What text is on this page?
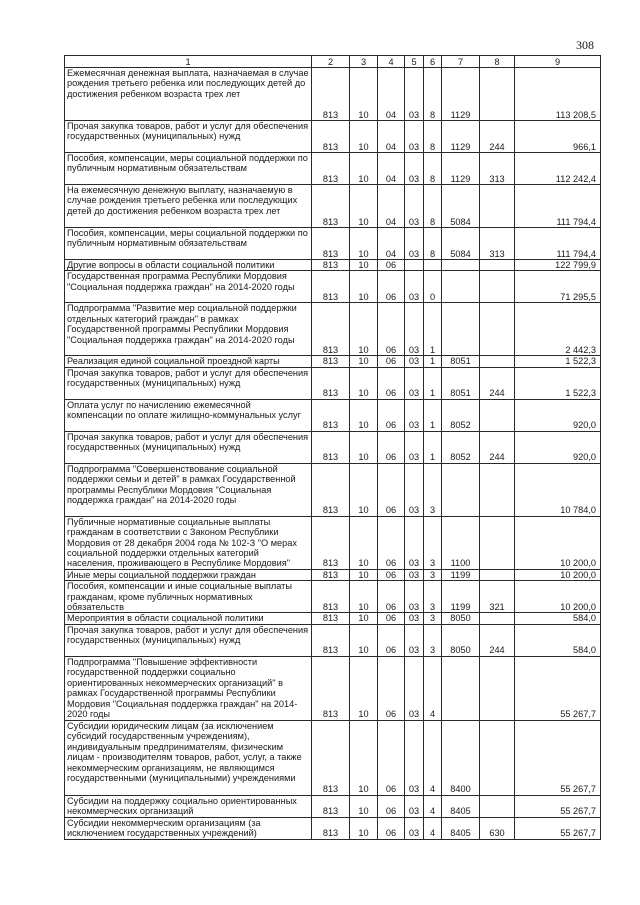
308
1	2	3	4	5	6	7	8	9
Ежемесячная денежная выплата, назначаемая в случае рождения третьего ребенка или последующих детей до достижения ребенком возраста трех лет	813	10	04	03	8	1129		113 208,5
Прочая закупка товаров, работ и услуг для обеспечения государственных (муниципальных) нужд	813	10	04	03	8	1129	244	966,1
Пособия, компенсации, меры социальной поддержки по публичным нормативным обязательствам	813	10	04	03	8	1129	313	112 242,4
На ежемесячную денежную выплату, назначаемую в случае рождения третьего ребенка или последующих детей до достижения ребенком возраста трех лет	813	10	04	03	8	5084		111 794,4
Пособия, компенсации, меры социальной поддержки по публичным нормативным обязательствам	813	10	04	03	8	5084	313	111 794,4
Другие вопросы в области социальной политики	813	10	06					122 799,9
Государственная программа Республики Мордовия "Социальная поддержка граждан" на 2014-2020 годы	813	10	06	03	0			71 295,5
Подпрограмма "Развитие мер социальной поддержки отдельных категорий граждан" в рамках Государственной программы Республики Мордовия "Социальная поддержка граждан" на 2014-2020 годы	813	10	06	03	1			2 442,3
Реализация единой социальной проездной карты	813	10	06	03	1	8051		1 522,3
Прочая закупка товаров, работ и услуг для обеспечения государственных (муниципальных) нужд	813	10	06	03	1	8051	244	1 522,3
Оплата услуг по начислению ежемесячной компенсации по оплате жилищно-коммунальных услуг	813	10	06	03	1	8052		920,0
Прочая закупка товаров, работ и услуг для обеспечения государственных (муниципальных) нужд	813	10	06	03	1	8052	244	920,0
Подпрограмма "Совершенствование социальной поддержки семьи и детей" в рамках Государственной программы Республики Мордовия "Социальная поддержка граждан" на 2014-2020 годы	813	10	06	03	3			10 784,0
Публичные нормативные социальные выплаты гражданам в соответствии с Законом Республики Мордовия от 28 декабря 2004 года № 102-З "О мерах социальной поддержки отдельных категорий населения, проживающего в Республике Мордовия"	813	10	06	03	3	1100		10 200,0
Иные меры социальной поддержки граждан	813	10	06	03	3	1199		10 200,0
Пособия, компенсации и иные социальные выплаты гражданам, кроме публичных нормативных обязательств	813	10	06	03	3	1199	321	10 200,0
Мероприятия в области социальной политики	813	10	06	03	3	8050		584,0
Прочая закупка товаров, работ и услуг для обеспечения государственных (муниципальных) нужд	813	10	06	03	3	8050	244	584,0
Подпрограмма "Повышение эффективности государственной поддержки социально ориентированных некоммерческих организаций" в рамках Государственной программы Республики Мордовия "Социальная поддержка граждан" на 2014-2020 годы	813	10	06	03	4			55 267,7
Субсидии юридическим лицам (за исключением субсидий государственным учреждениям), индивидуальным предпринимателям, физическим лицам - производителям товаров, работ, услуг, а также некоммерческим организациям, не являющимся государственными (муниципальными) учреждениями	813	10	06	03	4	8400		55 267,7
Субсидии на поддержку социально ориентированных некоммерческих организаций	813	10	06	03	4	8405		55 267,7
Субсидии некоммерческим организациям (за исключением государственных учреждений)	813	10	06	03	4	8405	630	55 267,7
